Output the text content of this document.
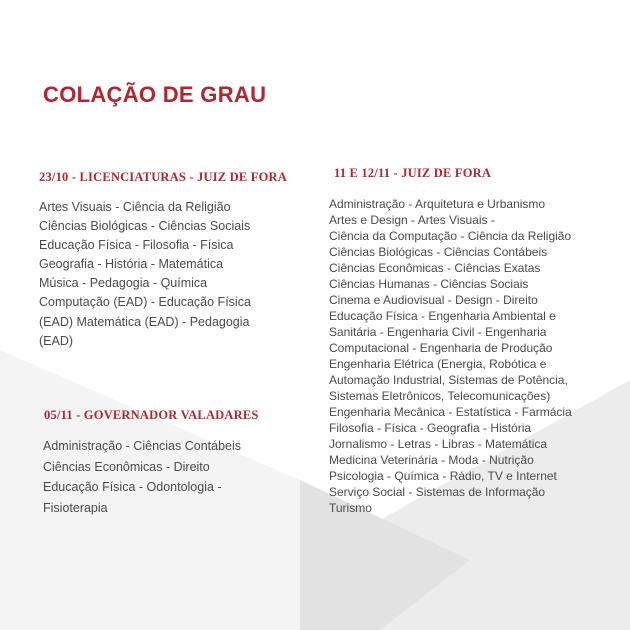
COLAÇÃO DE GRAU
23/10 - LICENCIATURAS - JUIZ DE FORA
Artes Visuais - Ciência da Religião
Ciências Biológicas - Ciências Sociais
Educação Física - Filosofia - Física
Geografia - História - Matemática
Música - Pedagogia - Química
Computação (EAD) - Educação Física
(EAD) Matemática (EAD) - Pedagogia
(EAD)
05/11 - GOVERNADOR VALADARES
Administração - Ciências Contábeis
Ciências Econômicas - Direito
Educação Física - Odontologia -
Fisioterapia
11 E 12/11 - JUIZ DE FORA
Administração - Arquitetura e Urbanismo
Artes e Design - Artes Visuais -
Ciência da Computação - Ciência da Religião
Ciências Biológicas - Ciências Contábeis
Ciências Econômicas - Ciências Exatas
Ciências Humanas - Ciências Sociais
Cinema e Audiovisual - Design - Direito
Educação Física - Engenharia Ambiental e
Sanitária - Engenharia Civil - Engenharia
Computacional - Engenharia de Produção
Engenharia Elétrica (Energia, Robótica e
Automação Industrial, Sistemas de Potência,
Sistemas Eletrônicos, Telecomunicações)
Engenharia Mecânica - Estatística - Farmácia
Filosofia - Física - Geografia - História
Jornalismo - Letras - Libras - Matemática
Medicina Veterinária - Moda - Nutrição
Psicologia - Química - Rádio, TV e Internet
Serviço Social - Sistemas de Informação
Turismo
